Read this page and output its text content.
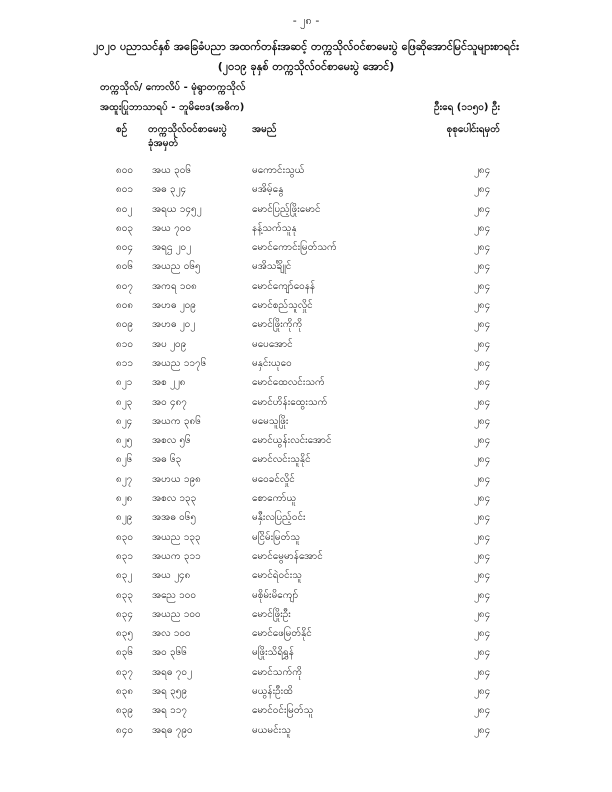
- ၂၈ -
၂၀၂၀ ပညာသင်နှစ် အခြေခံပညာ အထက်တန်းအဆင့် တက္ကသိုလ်ဝင်စာမေးပွဲ ဖြေဆိုအောင်မြင်သူများစာရင်း
(၂၀၁၉ ခုနှစ် တက္ကသိုလ်ဝင်စာမေးပွဲ အောင်)
တက္ကသိုလ်/ ကောလိပ် - မုံရွာတက္ကသိုလ်
အထူးပြုဘာသာရပ် - ဘူမိဗေဒ(အဓိက)	ဦးရေ (၁၁၅၀) ဦး
စဉ် တက္ကသိုလ်ဝင်စာမေးပွဲ
ခုံအမှတ်
အမည်	စုစုပေါင်းရမှတ်
၈၀၀ အယ ၃၀၆	မကောင်းသွယ်	၂၈၄
၈၀၁ အဓ ၃၂၄	မအိမ့်နွေ	၂၈၄
၈၀၂ အရယ ၁၄၅၂	မောင်ပြည့်ဖြိုးမောင်	၂၈၄
၈၀၃ အယ ၇၀၀	နန့်သက်သူနု	၂၈၄
၈၀၄ အရဌ ၂၀၂	မောင်ကောင်းမြတ်သက်	၂၈၄
၈၀၆ အယည ၀၆၅	မအိသင်္ချိုင်	၂၈၄
၈၀၇ အကရ ၁၀၈	မောင်ကျော်ဝေနန်	၂၈၄
၈၀၈ အဟဓ ၂၀၉	မောင်စည်သူလှိုင်	၂၈၄
၈၀၉ အဟဓ ၂၀၂	မောင်ဖြိုးကိုကို	၂၈၄
၈၁၀ အပ ၂၀၉	မပေအောင်	၂၈၄
၈၁၁ အယည ၁၁၇၆	မနှင်းယုဝေ	၂၈၄
၈၂၁ အစ ၂၂၈	မောင်ထေလင်းသက်	၂၈၄
၈၂၃ အဝ ၄၈၇	မောင်ဟိန်းထွေးသက်	၂၈၄
၈၂၄ အယက ၃၈၆	မမေသူဖြိုး	၂၈၄
၈၂၅ အစလ ၅၆	မောင်ယွန်းလင်းအောင်	၂၈၄
၈၂၆ အဓ ၆၃	မောင်လင်းသူနိုင်	၂၈၄
၈၂၇ အဟယ ၁၉၈	မဝေခင်လှိုင်	၂၈၄
၈၂၈ အစလ ၁၃၃	စောကော်ယူ	၂၈၄
၈၂၉ အအဓ ၀၆၅	မနှီးလပြည့်ဝင်း	၂၈၄
၈၃၀ အယည ၁၃၃	မငြိမ်းမြတ်သူ	၂၈၄
၈၃၁ အယက ၃၁၁	မောင်မွေမာန်အောင်	၂၈၄
၈၃၂ အယ ၂၄၈	မောင်ရဲဝင်းသူ	၂၈၄
၈၃၃ အညေ ၁၀၀	မစိုမ်းမိကျော်	၂၈၄
၈၃၄ အယည ၁၀၀	မောင်ဖြိုးဦး	၂၈၄
၈၃၅ အလ ၁၀၀	မောင်ဖေမြတ်နိုင်	၂၈၄
၈၃၆ အဝ ၃၆၆	မဖြိုးသိရိရွှန်	၂၈၄
၈၃၇ အရဓ ၇၀၂	မောင်သက်ကို	၂၈၄
၈၃၈ အရ ၃၅၉	မယွန်းဦးထိ	၂၈၄
၈၃၉ အရ ၁၁၇	မောင်ဝင်းမြတ်သူ	၂၈၄
၈၄၀ အရဓ ၇၉၀	မယမင်းသူ	၂၈၄
